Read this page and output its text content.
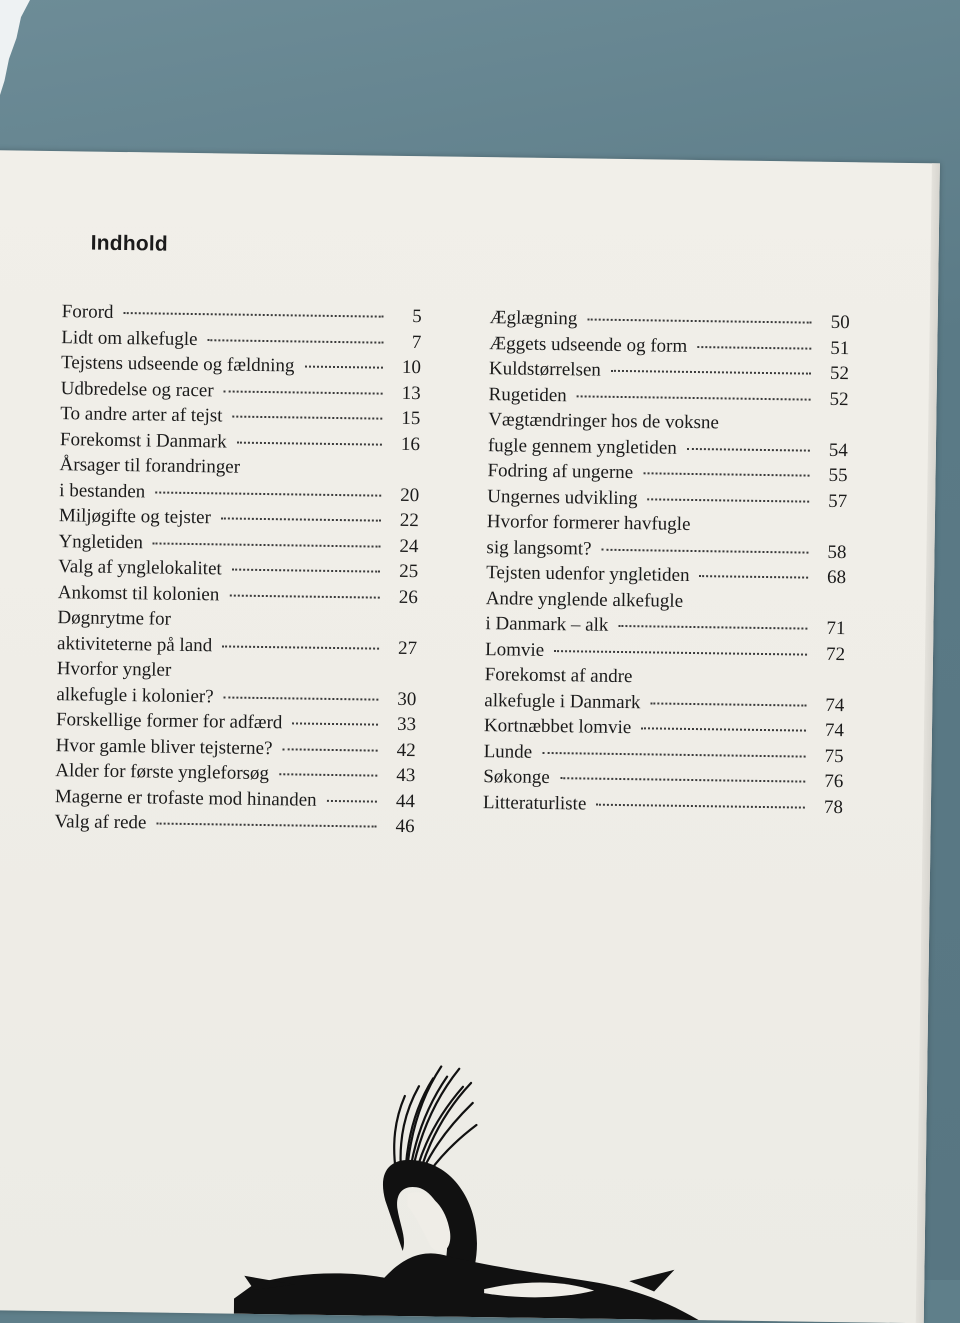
Indhold
Forord	5
Lidt om alkefugle	7
Tejstens udseende og fældning	10
Udbredelse og racer	13
To andre arter af tejst	15
Forekomst i Danmark	16
Årsager til forandringer
i bestanden	20
Miljøgifte og tejster	22
Yngletiden	24
Valg af ynglelokalitet	25
Ankomst til kolonien	26
Døgnrytme for
aktiviteterne på land	27
Hvorfor yngler
alkefugle i kolonier?	30
Forskellige former for adfærd	33
Hvor gamle bliver tejsterne?	42
Alder for første yngleforsøg	43
Magerne er trofaste mod hinanden	44
Valg af rede	46
Æglægning	50
Æggets udseende og form	51
Kuldstørrelsen	52
Rugetiden	52
Vægtændringer hos de voksne
fugle gennem yngletiden	54
Fodring af ungerne	55
Ungernes udvikling	57
Hvorfor formerer havfugle
sig langsomt?	58
Tejsten udenfor yngletiden	68
Andre ynglende alkefugle
i Danmark – alk	71
Lomvie	72
Forekomst af andre
alkefugle i Danmark	74
Kortnæbbet lomvie	74
Lunde	75
Søkonge	76
Litteraturliste	78
